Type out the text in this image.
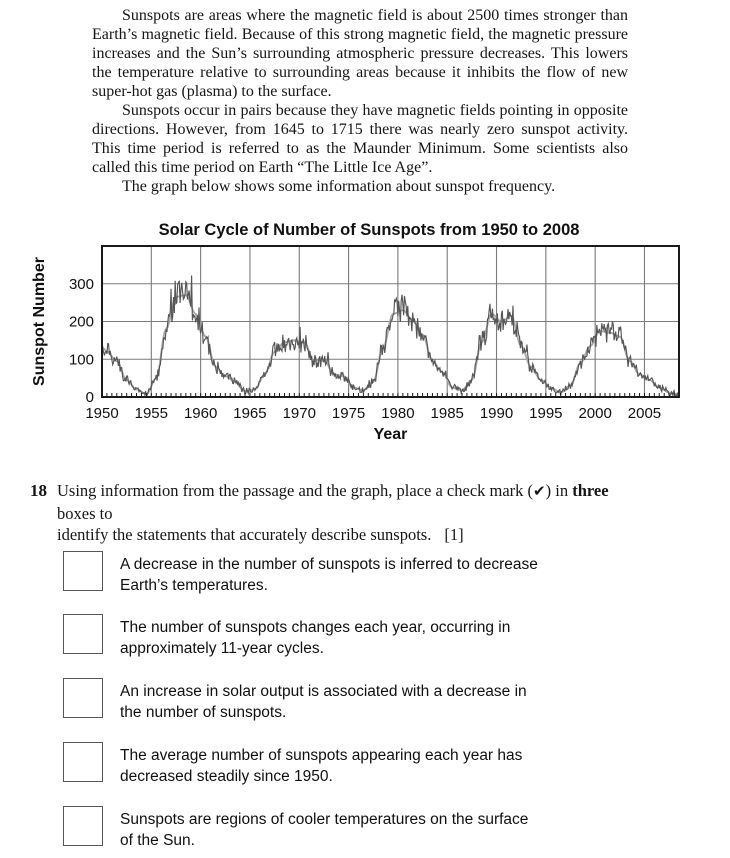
Sunspots are areas where the magnetic field is about 2500 times stronger than Earth’s magnetic field. Because of this strong magnetic field, the magnetic pressure increases and the Sun’s surrounding atmospheric pressure decreases. This lowers the temperature relative to surrounding areas because it inhibits the flow of new super-hot gas (plasma) to the surface.

Sunspots occur in pairs because they have magnetic fields pointing in opposite directions. However, from 1645 to 1715 there was nearly zero sunspot activity. This time period is referred to as the Maunder Minimum. Some scientists also called this time period on Earth “The Little Ice Age”.

The graph below shows some information about sunspot frequency.

Solar Cycle of Number of Sunspots from 1950 to 2008
0
100
200
300
1950 1955 1960 1965 1970 1975 1980 1985 1990 1995 2000 2005
Sunspot Number
Year
18 Using information from the passage and the graph, place a check mark (✔) in three boxes to
identify the statements that accurately describe sunspots. [1]
A decrease in the number of sunspots is inferred to decrease
Earth’s temperatures.
The number of sunspots changes each year, occurring in
approximately 11-year cycles.
An increase in solar output is associated with a decrease in
the number of sunspots.
The average number of sunspots appearing each year has
decreased steadily since 1950.
Sunspots are regions of cooler temperatures on the surface
of the Sun.
